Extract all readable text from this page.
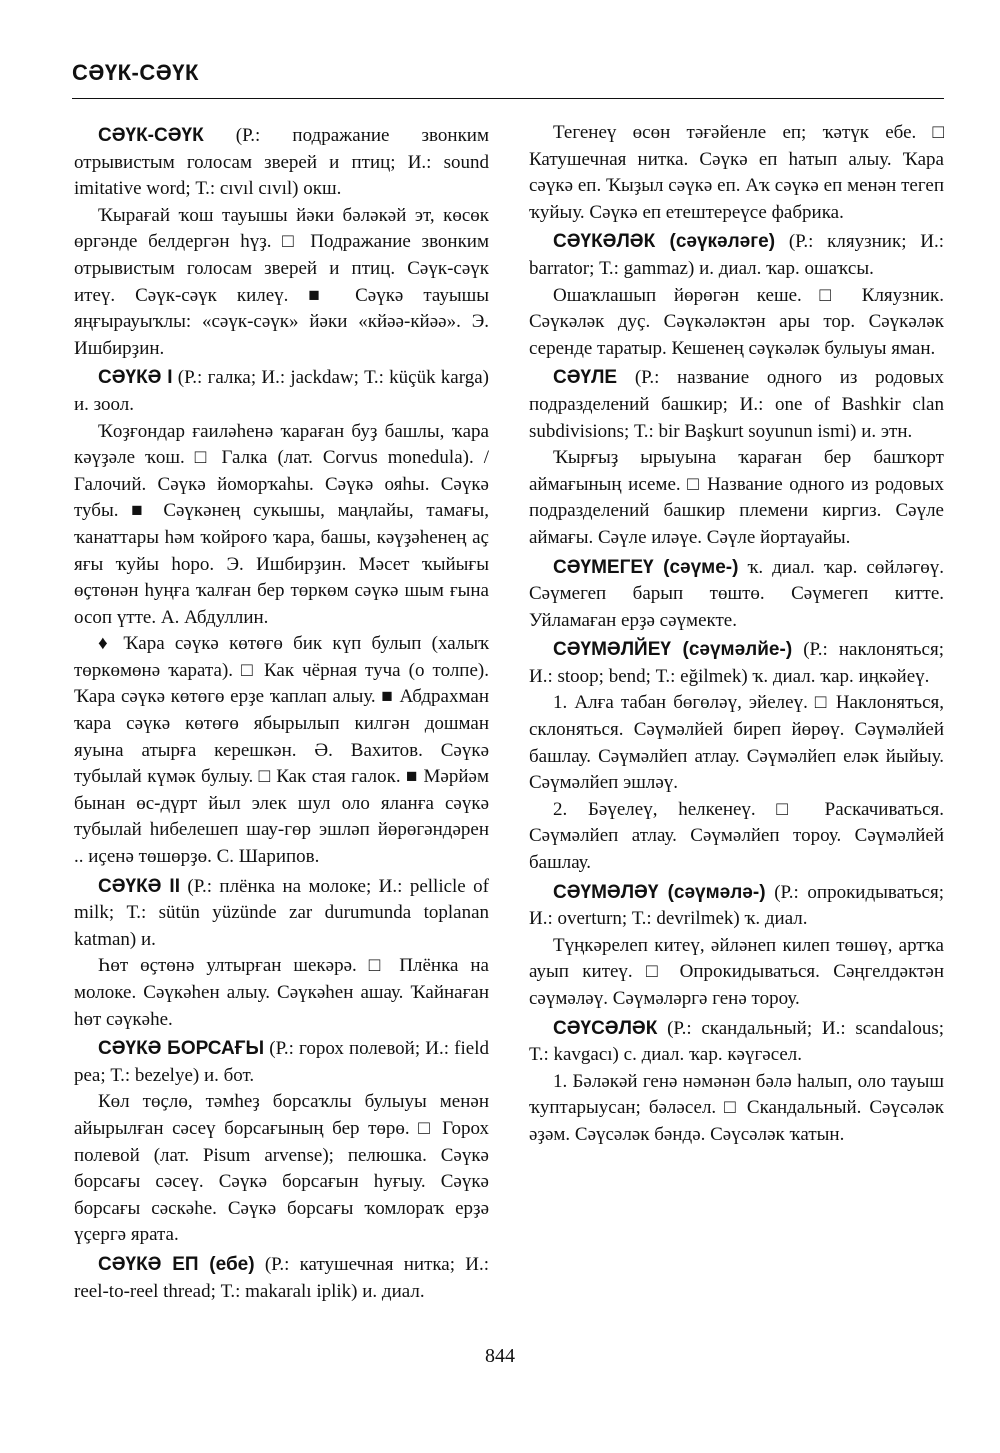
СӘҮК-СӘҮК

СӘҮК-СӘҮК (Р.: подражание звонким отрывистым голосам зверей и птиц; И.: sound imitative word; Т.: cıvıl cıvıl) окш.

Ҡырағай ҡош тауышы йәки бәләкәй эт, көсөк өргәнде белдергән һүҙ. □ Подражание звонким отрывистым голосам зверей и птиц. Сәүк-сәүк итеү. Сәүк-сәүк килеү. ■ Сәүкә тауышы яңғырауыҡлы: «сәүк-сәүк» йәки «кйәә-кйәә». Э. Ишбирҙин.

СӘҮКӘ I (Р.: галка; И.: jackdaw; Т.: küçük karga) и. зоол.

Ҡоҙғондар ғаиләһенә ҡараған буҙ башлы, ҡара кәүҙәле ҡош. □ Галка (лат. Corvus monedula). / Галочий. Сәүкә йоморҡаһы. Сәүкә ояһы. Сәүкә тубы. ■ Сәүкәнең сукышы, маңлайы, тамағы, ҡанаттары һәм ҡойроғо ҡара, башы, кәүҙәһенең аҫ яғы ҡуйы һоро. Э. Ишбирҙин. Мәсет ҡыйығы өҫтөнән һуңға ҡалған бер төркөм сәүкә шым ғына осоп үтте. А. Абдуллин.

♦ Ҡара сәүкә көтөгө бик күп булып (халыҡ төркөмөнә ҡарата). □ Как чёрная туча (о толпе). Ҡара сәүкә көтөгө ерҙе ҡаплап алыу. ■ Абдрахман ҡара сәүкә көтөгө ябырылып килгән дошман яуына атырға керешкән. Ә. Вахитов. Сәүкә тубылай күмәк булыу. □ Как стая галок. ■ Мәрйәм бынан өс-дүрт йыл элек шул оло яланға сәүкә тубылай һибелешеп шау-гөр эшләп йөрөгәндәрен .. иҫенә төшөрҙө. С. Шарипов.

СӘҮКӘ II (Р.: плёнка на молоке; И.: pellicle of milk; Т.: sütün yüzünde zar durumunda toplanan katman) и.

Һөт өҫтөнә ултырған шекәрә. □ Плёнка на молоке. Сәүкәһен алыу. Сәүкәһен ашау. Ҡайнаған һөт сәүкәһе.

СӘҮКӘ БОРСАҒЫ (Р.: горох полевой; И.: field pea; Т.: bezelye) и. бот.

Көл төҫлө, тәмһеҙ борсаҡлы булыуы менән айырылған сәсеү борсағының бер төрө. □ Горох полевой (лат. Pisum arvense); пелюшка. Сәүкә борсағы сәсеү. Сәүкә борсағын һуғыу. Сәүкә борсағы сәскәһе. Сәүкә борсағы ҡомлораҡ ерҙә үҫергә ярата.

СӘҮКӘ ЕП (ебе) (Р.: катушечная нитка; И.: reel-to-reel thread; Т.: makaralı iplik) и. диал.

Тегенеү өсөн тәғәйенле еп; ҡәтүк ебе. □ Катушечная нитка. Сәүкә еп һатып алыу. Ҡара сәүкә еп. Ҡыҙыл сәүкә еп. Аҡ сәүкә еп менән тегеп ҡуйыу. Сәүкә еп етештереүсе фабрика.

СӘҮКӘЛӘК (сәүкәләге) (Р.: кляузник; И.: barrator; Т.: gammaz) и. диал. ҡар. ошаҡсы.

Ошаҡлашып йөрөгән кеше. □ Кляузник. Сәүкәләк дуҫ. Сәүкәләктән ары тор. Сәүкәләк серенде таратыр. Кешенең сәүкәләк булыуы яман.

СӘҮЛЕ (Р.: название одного из родовых подразделений башкир; И.: one of Bashkir clan subdivisions; Т.: bir Başkurt soyunun ismi) и. этн.

Ҡырғыҙ ырыуына ҡараған бер башҡорт аймағының исеме. □ Название одного из родовых подразделений башкир племени киргиз. Сәүле аймағы. Сәүле иләүе. Сәүле йортауайы.

СӘҮМЕГЕҮ (сәүме-) ҡ. диал. ҡар. сөйләгөү. Сәүмегеп барып төштө. Сәүмегеп китте. Уйламаған ерҙә сәүмекте.

СӘҮМӘЛЙЕҮ (сәүмәлйе-) (Р.: наклоняться; И.: stoop; bend; Т.: eğilmek) ҡ. диал. ҡар. иңкәйеү.

1. Алға табан бөгөләү, эйелеү. □ Наклоняться, склоняться. Сәүмәлйей биреп йөрөү. Сәүмәлйей башлау. Сәүмәлйеп атлау. Сәүмәлйеп еләк йыйыу. Сәүмәлйеп эшләү.

2. Бәүелеү, һелкенеү. □ Раскачиваться. Сәүмәлйеп атлау. Сәүмәлйеп тороу. Сәүмәлйей башлау.

СӘҮМӘЛӘҮ (сәүмәлә-) (Р.: опрокидываться; И.: overturn; Т.: devrilmek) ҡ. диал.

Түңкәрелеп китеү, әйләнеп килеп төшөү, артҡа ауып китеү. □ Опрокидываться. Сәңгелдәктән сәүмәләү. Сәүмәләргә генә тороу.

СӘҮСӘЛӘК (Р.: скандальный; И.: scandalous; Т.: kavgacı) с. диал. ҡар. кәүгәсел.

1. Бәләкәй генә нәмәнән бәлә һалып, оло тауыш ҡуптарыусан; бәләсел. □ Скандальный. Сәүсәләк әҙәм. Сәүсәләк бәндә. Сәүсәләк ҡатын.

844
